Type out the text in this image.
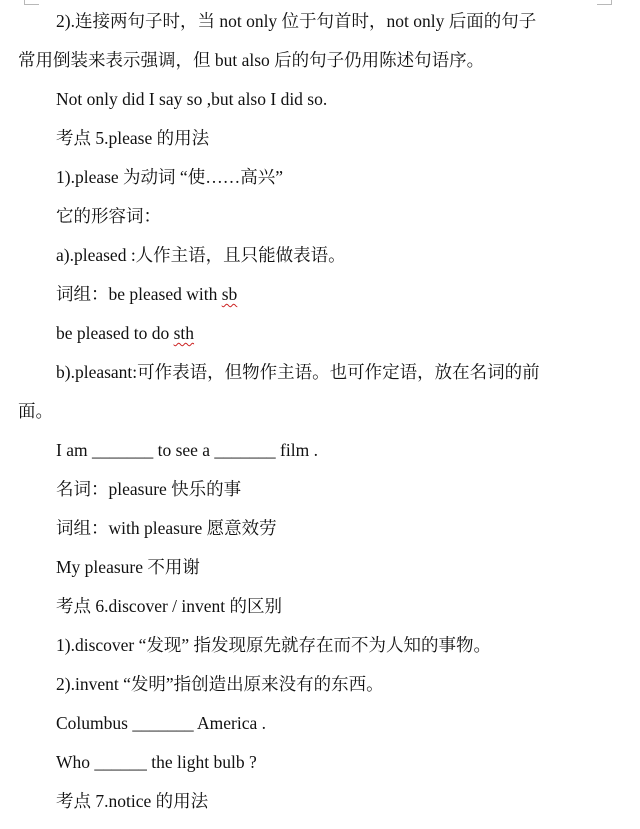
2).连接两句子时，当 not only 位于句首时，not only 后面的句子
常用倒装来表示强调，但 but also 后的句子仍用陈述句语序。
Not only did I say so ,but also I did so.
考点 5.please 的用法
1).please 为动词 “使……高兴”
它的形容词：
a).pleased :人作主语，且只能做表语。
词组：be pleased with sb
be pleased to do sth
b).pleasant:可作表语，但物作主语。也可作定语，放在名词的前
面。
I am _______ to see a _______ film .
名词：pleasure 快乐的事
词组：with pleasure 愿意效劳
My pleasure 不用谢
考点 6.discover / invent 的区别
1).discover “发现” 指发现原先就存在而不为人知的事物。
2).invent “发明”指创造出原来没有的东西。
Columbus _______ America .
Who ______ the light bulb ?
考点 7.notice 的用法
